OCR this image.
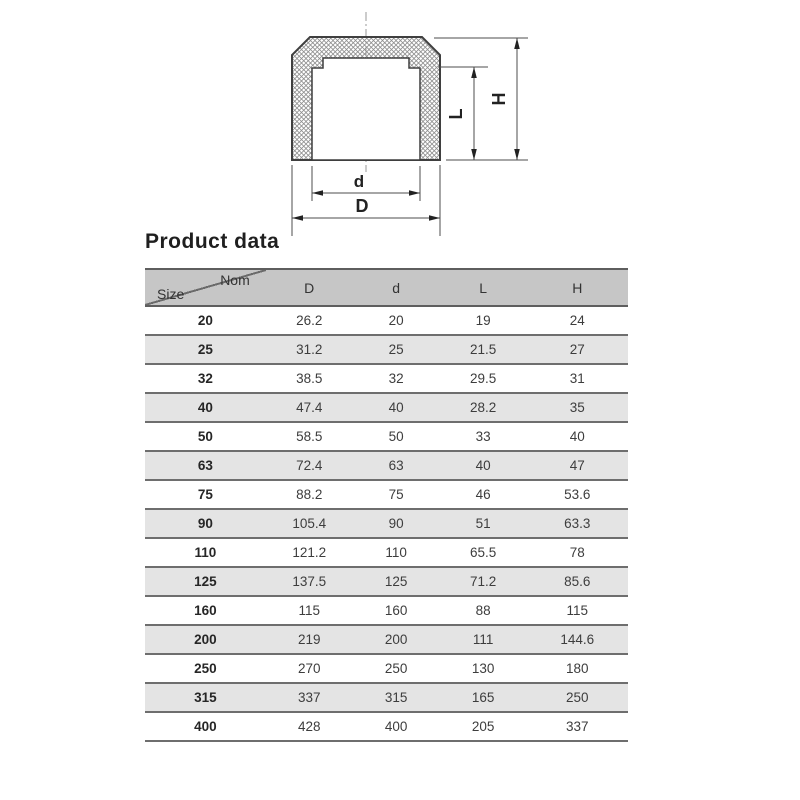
H
L
d
D
Product data
Nom
Size	D	d	L	H
20	26.2	20	19	24
25	31.2	25	21.5	27
32	38.5	32	29.5	31
40	47.4	40	28.2	35
50	58.5	50	33	40
63	72.4	63	40	47
75	88.2	75	46	53.6
90	105.4	90	51	63.3
110	121.2	110	65.5	78
125	137.5	125	71.2	85.6
160	115	160	88	115
200	219	200	111	144.6
250	270	250	130	180
315	337	315	165	250
400	428	400	205	337
